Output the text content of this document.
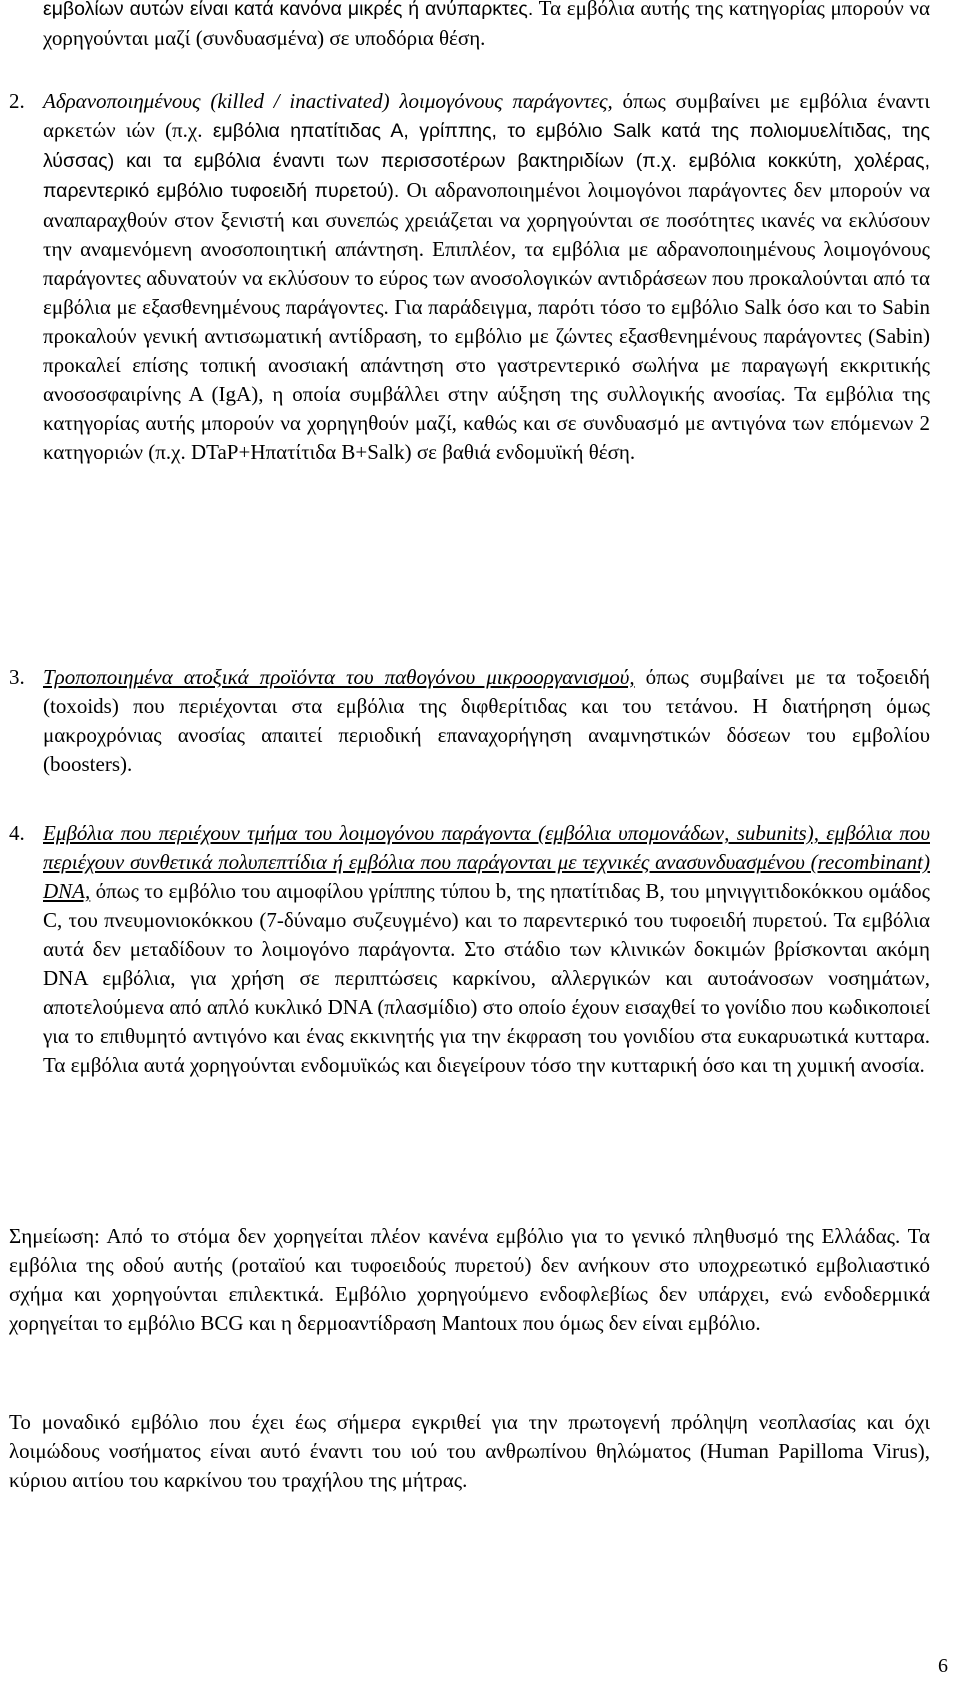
εμβολίων αυτών είναι κατά κανόνα μικρές ή ανύπαρκτες. Τα εμβόλια αυτής της κατηγορίας μπορούν να χορηγούνται μαζί (συνδυασμένα) σε υποδόρια θέση.

2. Αδρανοποιημένους (killed / inactivated) λοιμογόνους παράγοντες, όπως συμβαίνει με εμβόλια έναντι αρκετών ιών (π.χ. εμβόλια ηπατίτιδας Α, γρίππης, το εμβόλιο Salk κατά της πολιομυελίτιδας, της λύσσας) και τα εμβόλια έναντι των περισσοτέρων βακτηριδίων (π.χ. εμβόλια κοκκύτη, χολέρας, παρεντερικό εμβόλιο τυφοειδή πυρετού). Οι αδρανοποιημένοι λοιμογόνοι παράγοντες δεν μπορούν να αναπαραχθούν στον ξενιστή και συνεπώς χρειάζεται να χορηγούνται σε ποσότητες ικανές να εκλύσουν την αναμενόμενη ανοσοποιητική απάντηση. Επιπλέον, τα εμβόλια με αδρανοποιημένους λοιμογόνους παράγοντες αδυνατούν να εκλύσουν το εύρος των ανοσολογικών αντιδράσεων που προκαλούνται από τα εμβόλια με εξασθενημένους παράγοντες. Για παράδειγμα, παρότι τόσο το εμβόλιο Salk όσο και το Sabin προκαλούν γενική αντισωματική αντίδραση, το εμβόλιο με ζώντες εξασθενημένους παράγοντες (Sabin) προκαλεί επίσης τοπική ανοσιακή απάντηση στο γαστρεντερικό σωλήνα με παραγωγή εκκριτικής ανοσοσφαιρίνης Α (IgA), η οποία συμβάλλει στην αύξηση της συλλογικής ανοσίας. Τα εμβόλια της κατηγορίας αυτής μπορούν να χορηγηθούν μαζί, καθώς και σε συνδυασμό με αντιγόνα των επόμενων 2 κατηγοριών (π.χ. DTaP+Ηπατίτιδα Β+Salk) σε βαθιά ενδομυϊκή θέση.

3. Τροποποιημένα ατοξικά προϊόντα του παθογόνου μικροοργανισμού, όπως συμβαίνει με τα τοξοειδή (toxoids) που περιέχονται στα εμβόλια της διφθερίτιδας και του τετάνου. Η διατήρηση όμως μακροχρόνιας ανοσίας απαιτεί περιοδική επαναχορήγηση αναμνηστικών δόσεων του εμβολίου (boosters).

4. Εμβόλια που περιέχουν τμήμα του λοιμογόνου παράγοντα (εμβόλια υπομονάδων, subunits), εμβόλια που περιέχουν συνθετικά πολυπεπτίδια ή εμβόλια που παράγονται με τεχνικές ανασυνδυασμένου (recombinant) DNA, όπως το εμβόλιο του αιμοφίλου γρίππης τύπου b, της ηπατίτιδας Β, του μηνιγγιτιδοκόκκου ομάδος C, του πνευμονιοκόκκου (7-δύναμο συζευγμένο) και το παρεντερικό του τυφοειδή πυρετού. Τα εμβόλια αυτά δεν μεταδίδουν το λοιμογόνο παράγοντα. Στο στάδιο των κλινικών δοκιμών βρίσκονται ακόμη DNA εμβόλια, για χρήση σε περιπτώσεις καρκίνου, αλλεργικών και αυτοάνοσων νοσημάτων, αποτελούμενα από απλό κυκλικό DNA (πλασμίδιο) στο οποίο έχουν εισαχθεί το γονίδιο που κωδικοποιεί για το επιθυμητό αντιγόνο και ένας εκκινητής για την έκφραση του γονιδίου στα ευκαρυωτικά κυτταρα. Τα εμβόλια αυτά χορηγούνται ενδομυϊκώς και διεγείρουν τόσο την κυτταρική όσο και τη χυμική ανοσία.

Σημείωση: Από το στόμα δεν χορηγείται πλέον κανένα εμβόλιο για το γενικό πληθυσμό της Ελλάδας. Τα εμβόλια της οδού αυτής (ροταϊού και τυφοειδούς πυρετού) δεν ανήκουν στο υποχρεωτικό εμβολιαστικό σχήμα και χορηγούνται επιλεκτικά. Εμβόλιο χορηγούμενο ενδοφλεβίως δεν υπάρχει, ενώ ενδοδερμικά χορηγείται το εμβόλιο BCG και η δερμοαντίδραση Mantoux που όμως δεν είναι εμβόλιο.

Το μοναδικό εμβόλιο που έχει έως σήμερα εγκριθεί για την πρωτογενή πρόληψη νεοπλασίας και όχι λοιμώδους νοσήματος είναι αυτό έναντι του ιού του ανθρωπίνου θηλώματος (Human Papilloma Virus), κύριου αιτίου του καρκίνου του τραχήλου της μήτρας.

6
